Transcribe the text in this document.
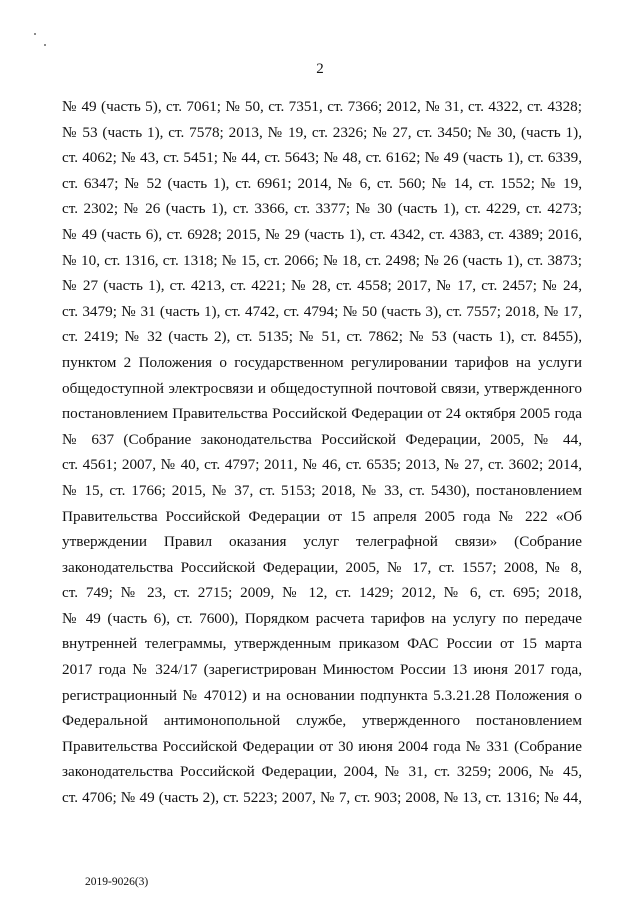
2
№ 49 (часть 5), ст. 7061; № 50, ст. 7351, ст. 7366; 2012, № 31, ст. 4322, ст. 4328;
№ 53 (часть 1), ст. 7578; 2013, № 19, ст. 2326; № 27, ст. 3450; № 30, (часть 1),
ст. 4062; № 43, ст. 5451; № 44, ст. 5643; № 48, ст. 6162; № 49 (часть 1), ст. 6339,
ст. 6347; № 52 (часть 1), ст. 6961; 2014, № 6, ст. 560; № 14, ст. 1552; № 19,
ст. 2302; № 26 (часть 1), ст. 3366, ст. 3377; № 30 (часть 1), ст. 4229, ст. 4273;
№ 49 (часть 6), ст. 6928; 2015, № 29 (часть 1), ст. 4342, ст. 4383, ст. 4389; 2016,
№ 10, ст. 1316, ст. 1318; № 15, ст. 2066; № 18, ст. 2498; № 26 (часть 1), ст. 3873;
№ 27 (часть 1), ст. 4213, ст. 4221; № 28, ст. 4558; 2017, № 17, ст. 2457; № 24,
ст. 3479; № 31 (часть 1), ст. 4742, ст. 4794; № 50 (часть 3), ст. 7557; 2018, № 17,
ст. 2419; № 32 (часть 2), ст. 5135; № 51, ст. 7862; № 53 (часть 1), ст. 8455),
пунктом 2 Положения о государственном регулировании тарифов на услуги
общедоступной электросвязи и общедоступной почтовой связи, утвержденного
постановлением Правительства Российской Федерации от 24 октября 2005 года
№ 637 (Собрание законодательства Российской Федерации, 2005, № 44,
ст. 4561; 2007, № 40, ст. 4797; 2011, № 46, ст. 6535; 2013, № 27, ст. 3602; 2014,
№ 15, ст. 1766; 2015, № 37, ст. 5153; 2018, № 33, ст. 5430), постановлением
Правительства Российской Федерации от 15 апреля 2005 года № 222 «Об
утверждении Правил оказания услуг телеграфной связи» (Собрание
законодательства Российской Федерации, 2005, № 17, ст. 1557; 2008, № 8,
ст. 749; № 23, ст. 2715; 2009, № 12, ст. 1429; 2012, № 6, ст. 695; 2018,
№ 49 (часть 6), ст. 7600), Порядком расчета тарифов на услугу по передаче
внутренней телеграммы, утвержденным приказом ФАС России от 15 марта
2017 года № 324/17 (зарегистрирован Минюстом России 13 июня 2017 года,
регистрационный № 47012) и на основании подпункта 5.3.21.28 Положения о
Федеральной антимонопольной службе, утвержденного постановлением
Правительства Российской Федерации от 30 июня 2004 года № 331 (Собрание
законодательства Российской Федерации, 2004, № 31, ст. 3259; 2006, № 45,
ст. 4706; № 49 (часть 2), ст. 5223; 2007, № 7, ст. 903; 2008, № 13, ст. 1316; № 44,
2019-9026(3)
